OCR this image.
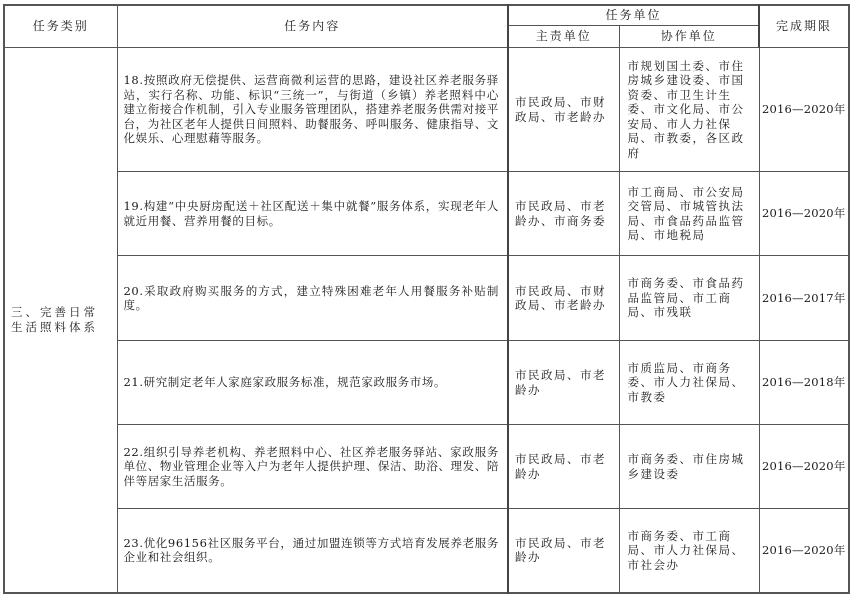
任务类别	任务内容	任务单位		完成期限
		主责单位	协作单位	
三、完善日常生活照料体系	18.按照政府无偿提供、运营商微利运营的思路，建设社区养老服务驿站，实行名称、功能、标识“三统一”，与街道（乡镇）养老照料中心建立衔接合作机制，引入专业服务管理团队，搭建养老服务供需对接平台，为社区老年人提供日间照料、助餐服务、呼叫服务、健康指导、文化娱乐、心理慰藉等服务。	市民政局、市财政局、市老龄办	市规划国土委、市住房城乡建设委、市国资委、市卫生计生委、市文化局、市公安局、市人力社保局、市教委，各区政府	2016—2020年
	19.构建“中央厨房配送＋社区配送＋集中就餐”服务体系，实现老年人就近用餐、营养用餐的目标。	市民政局、市老龄办、市商务委	市工商局、市公安局交管局、市城管执法局、市食品药品监管局、市地税局	2016—2020年
	20.采取政府购买服务的方式，建立特殊困难老年人用餐服务补贴制度。	市民政局、市财政局、市老龄办	市商务委、市食品药品监管局、市工商局、市残联	2016—2017年
	21.研究制定老年人家庭家政服务标准，规范家政服务市场。	市民政局、市老龄办	市质监局、市商务委、市人力社保局、市教委	2016—2018年
	22.组织引导养老机构、养老照料中心、社区养老服务驿站、家政服务单位、物业管理企业等入户为老年人提供护理、保洁、助浴、理发、陪伴等居家生活服务。	市民政局、市老龄办	市商务委、市住房城乡建设委	2016—2020年
	23.优化96156社区服务平台，通过加盟连锁等方式培育发展养老服务企业和社会组织。	市民政局、市老龄办	市商务委、市工商局、市人力社保局、市社会办	2016—2020年
